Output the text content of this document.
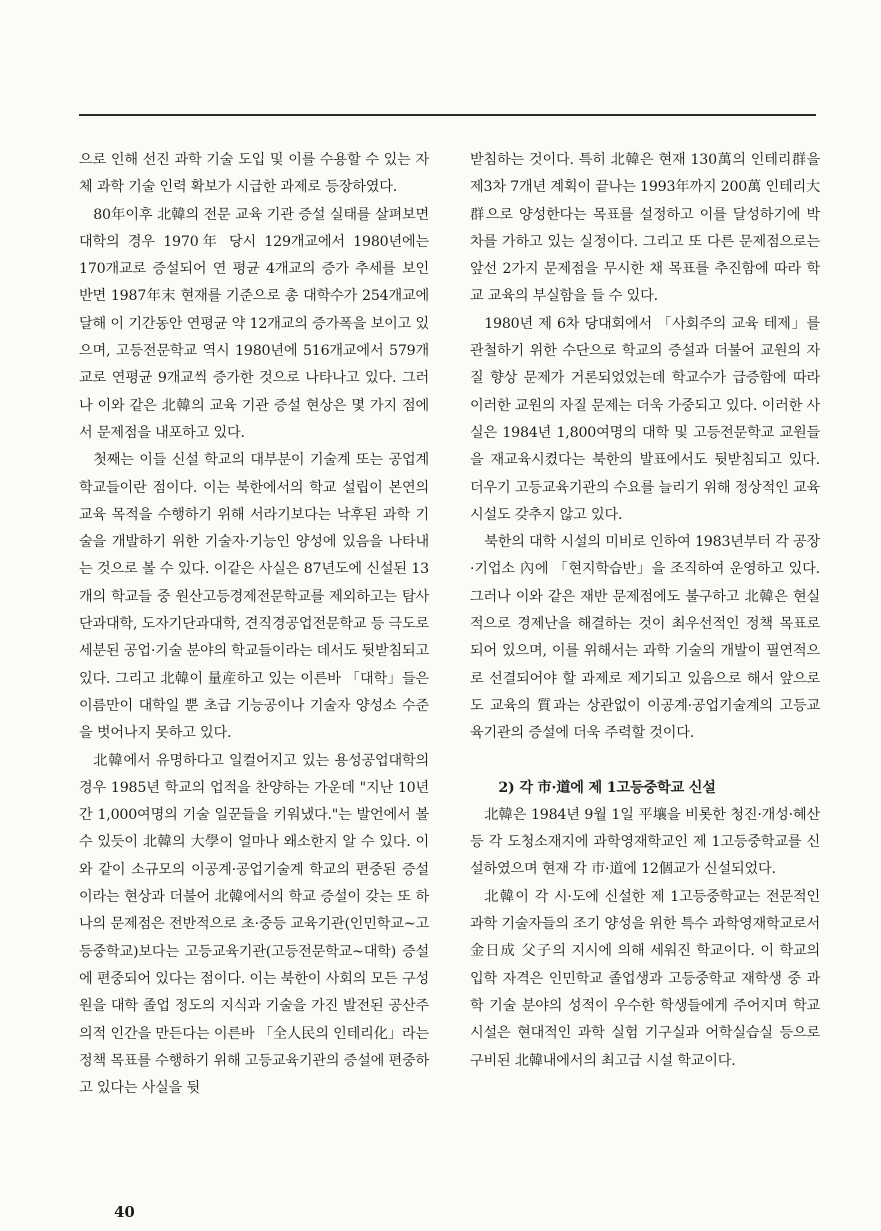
으로 인해 선진 과학 기술 도입 및 이를 수용할 수 있는 자체 과학 기술 인력 확보가 시급한 과제로 등장하였다.

80年이후 北韓의 전문 교육 기관 증설 실태를 살펴보면 대학의 경우 1970年 당시 129개교에서 1980년에는 170개교로 증설되어 연 평균 4개교의 증가 추세를 보인 반면 1987年末 현재를 기준으로 총 대학수가 254개교에 달해 이 기간동안 연평균 약 12개교의 증가폭을 보이고 있으며, 고등전문학교 역시 1980년에 516개교에서 579개교로 연평균 9개교씩 증가한 것으로 나타나고 있다. 그러나 이와 같은 北韓의 교육 기관 증설 현상은 몇 가지 점에서 문제점을 내포하고 있다.

첫째는 이들 신설 학교의 대부분이 기술계 또는 공업계 학교들이란 점이다. 이는 북한에서의 학교 설립이 본연의 교육 목적을 수행하기 위해 서라기보다는 낙후된 과학 기술을 개발하기 위한 기술자·기능인 양성에 있음을 나타내는 것으로 볼 수 있다. 이같은 사실은 87년도에 신설된 13개의 학교들 중 원산고등경제전문학교를 제외하고는 탐사단과대학, 도자기단과대학, 견직경공업전문학교 등 극도로 세분된 공업·기술 분야의 학교들이라는 데서도 뒷받침되고 있다. 그리고 北韓이 量産하고 있는 이른바 「대학」들은 이름만이 대학일 뿐 초급 기능공이나 기술자 양성소 수준을 벗어나지 못하고 있다.

北韓에서 유명하다고 일컬어지고 있는 용성공업대학의 경우 1985년 학교의 업적을 찬양하는 가운데 "지난 10년간 1,000여명의 기술 일꾼들을 키워냈다."는 발언에서 볼 수 있듯이 北韓의 大學이 얼마나 왜소한지 알 수 있다. 이와 같이 소규모의 이공계·공업기술계 학교의 편중된 증설이라는 현상과 더불어 北韓에서의 학교 증설이 갖는 또 하나의 문제점은 전반적으로 초·중등 교육기관(인민학교~고등중학교)보다는 고등교육기관(고등전문학교~대학) 증설에 편중되어 있다는 점이다. 이는 북한이 사회의 모든 구성원을 대학 졸업 정도의 지식과 기술을 가진 발전된 공산주의적 인간을 만든다는 이른바 「全人民의 인테리化」라는 정책 목표를 수행하기 위해 고등교육기관의 증설에 편중하고 있다는 사실을 뒷

받침하는 것이다. 특히 北韓은 현재 130萬의 인테리群을 제3차 7개년 계획이 끝나는 1993年까지 200萬 인테리大群으로 양성한다는 목표를 설정하고 이를 달성하기에 박차를 가하고 있는 실정이다. 그리고 또 다른 문제점으로는 앞선 2가지 문제점을 무시한 채 목표를 추진함에 따라 학교 교육의 부실함을 들 수 있다.

1980년 제 6차 당대회에서 「사회주의 교육 테제」를 관철하기 위한 수단으로 학교의 증설과 더불어 교원의 자질 향상 문제가 거론되었었는데 학교수가 급증함에 따라 이러한 교원의 자질 문제는 더욱 가중되고 있다. 이러한 사실은 1984년 1,800여명의 대학 및 고등전문학교 교원들을 재교육시켰다는 북한의 발표에서도 뒷받침되고 있다. 더우기 고등교육기관의 수요를 늘리기 위해 정상적인 교육 시설도 갖추지 않고 있다.

북한의 대학 시설의 미비로 인하여 1983년부터 각 공장·기업소 內에 「현지학습반」을 조직하여 운영하고 있다. 그러나 이와 같은 재반 문제점에도 불구하고 北韓은 현실적으로 경제난을 해결하는 것이 최우선적인 정책 목표로 되어 있으며, 이를 위해서는 과학 기술의 개발이 필연적으로 선결되어야 할 과제로 제기되고 있음으로 해서 앞으로도 교육의 質과는 상관없이 이공계·공업기술계의 고등교육기관의 증설에 더욱 주력할 것이다.

2) 각 市·道에 제 1고등중학교 신설

北韓은 1984년 9월 1일 平壤을 비롯한 청진·개성·혜산 등 각 도청소재지에 과학영재학교인 제 1고등중학교를 신설하였으며 현재 각 市·道에 12個교가 신설되었다.

北韓이 각 시·도에 신설한 제 1고등중학교는 전문적인 과학 기술자들의 조기 양성을 위한 특수 과학영재학교로서 金日成 父子의 지시에 의해 세워진 학교이다. 이 학교의 입학 자격은 인민학교 졸업생과 고등중학교 재학생 중 과학 기술 분야의 성적이 우수한 학생들에게 주어지며 학교 시설은 현대적인 과학 실험 기구실과 어학실습실 등으로 구비된 北韓내에서의 최고급 시설 학교이다.

40
